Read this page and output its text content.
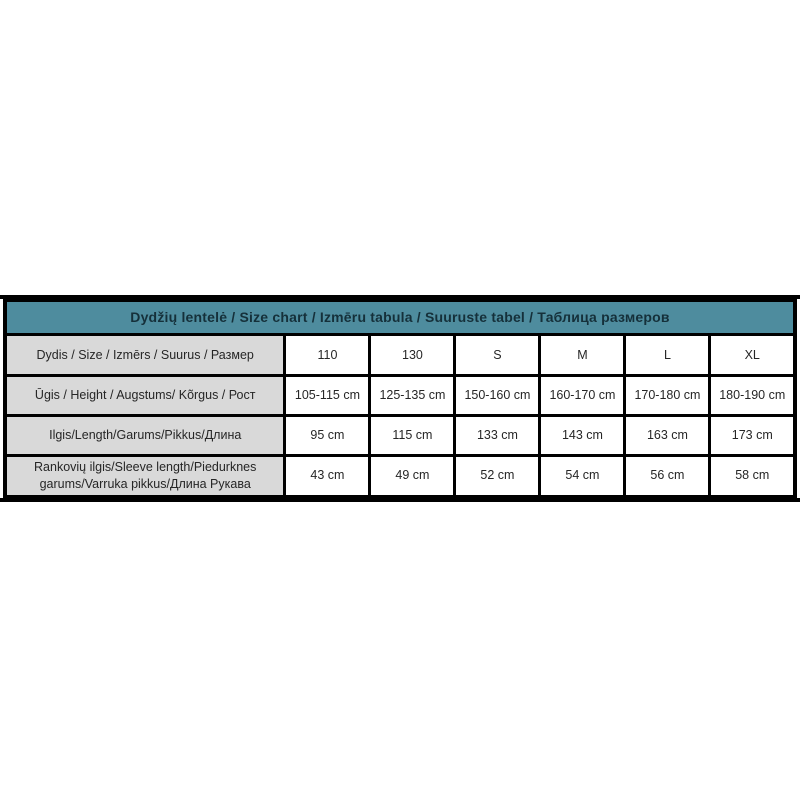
Dydžių lentelė / Size chart / Izmēru tabula / Suuruste tabel / Таблица размеров						
Dydis / Size / Izmērs / Suurus / Размер	110	130	S	M	L	XL
Ūgis / Height / Augstums/ Kõrgus / Рост	105-115 cm	125-135 cm	150-160 cm	160-170 cm	170-180 cm	180-190 cm
Ilgis/Length/Garums/Pikkus/Длина	95 cm	115 cm	133 cm	143 cm	163 cm	173 cm
Rankovių ilgis/Sleeve length/Piedurknes garums/Varruka pikkus/Длина Рукава	43 cm	49 cm	52 cm	54 cm	56 cm	58 cm
